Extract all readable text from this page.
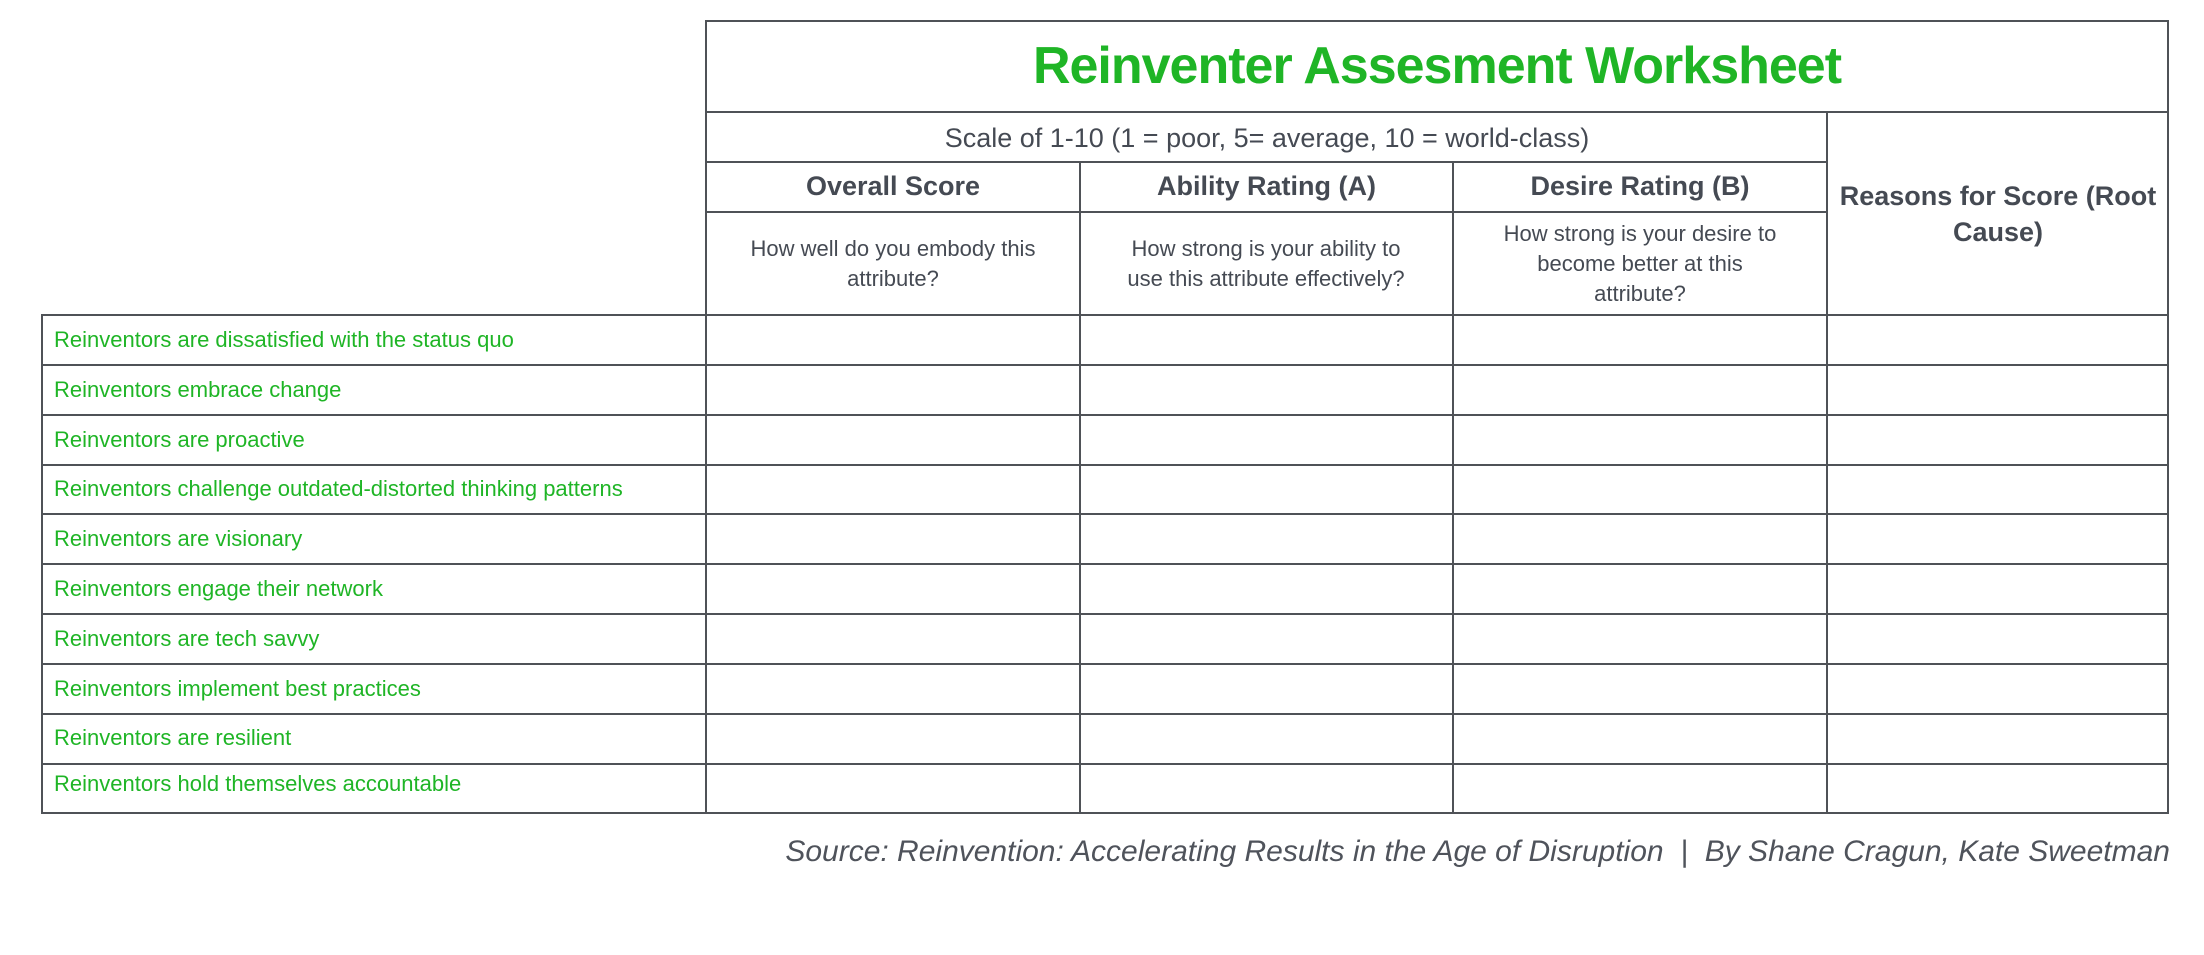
Reinventer Assesment Worksheet
Scale of 1-10 (1 = poor, 5= average, 10 = world-class)
Overall Score	Ability Rating (A)	Desire Rating (B)
How well do you embody this attribute?
How strong is your ability to use this attribute effectively?
How strong is your desire to become better at this attribute?
Reasons for Score (Root Cause)
Reinventors are dissatisfied with the status quo
Reinventors embrace change
Reinventors are proactive
Reinventors challenge outdated-distorted thinking patterns
Reinventors are visionary
Reinventors engage their network
Reinventors are tech savvy
Reinventors implement best practices
Reinventors are resilient
Reinventors hold themselves accountable
Source: Reinvention: Accelerating Results in the Age of Disruption  |  By Shane Cragun, Kate Sweetman
